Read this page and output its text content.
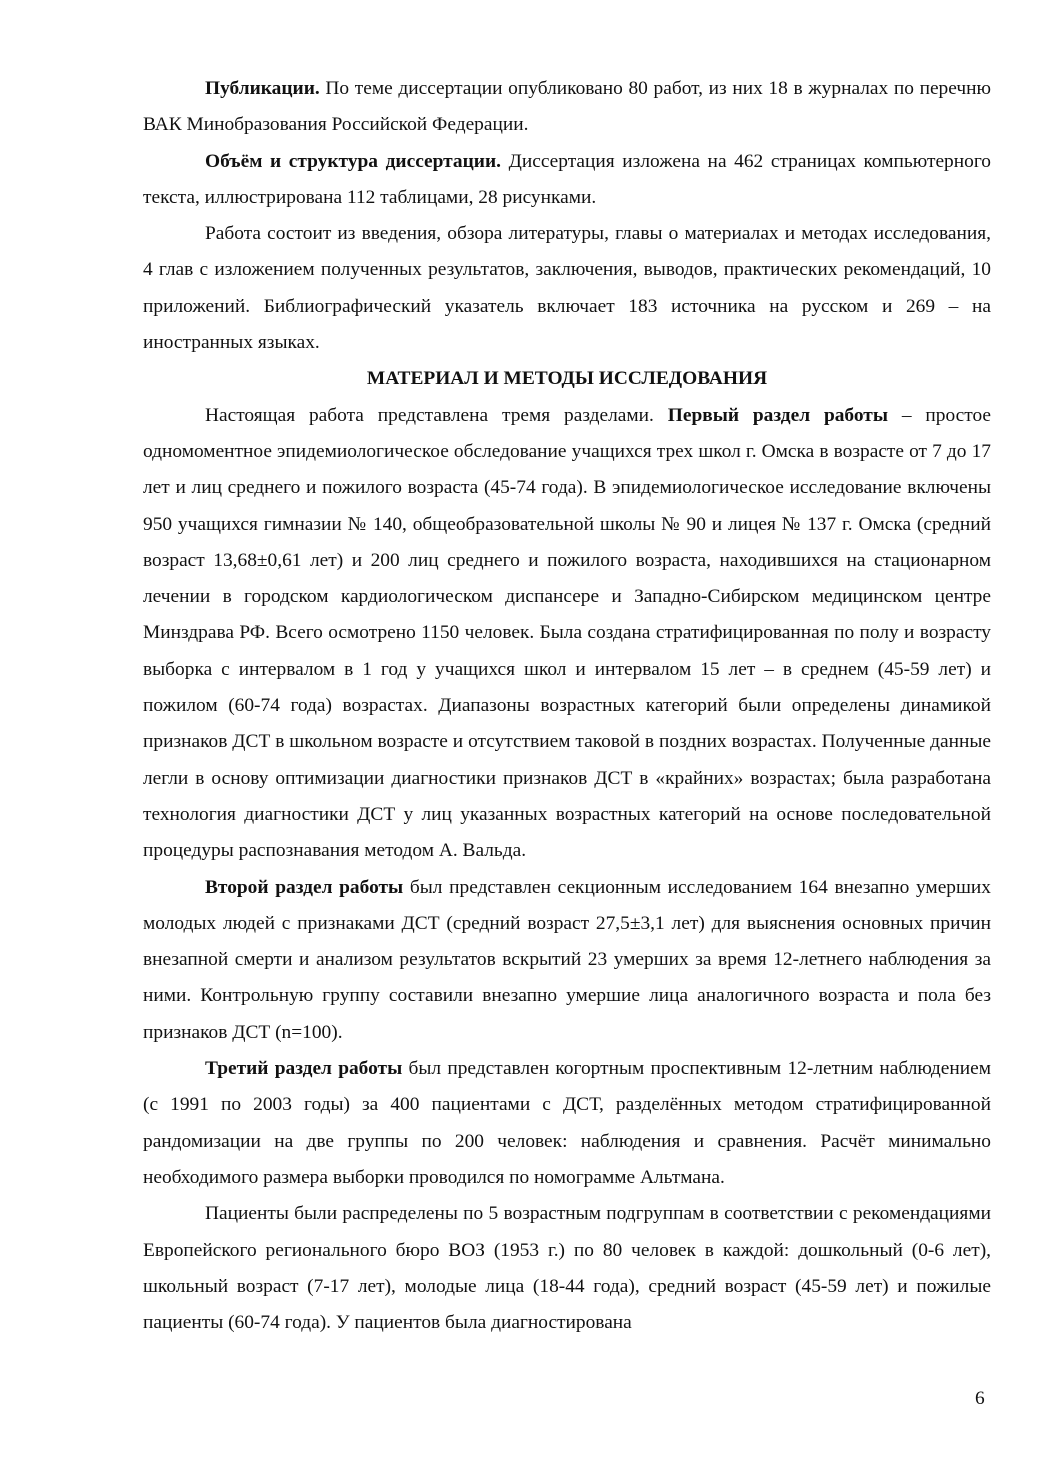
Публикации. По теме диссертации опубликовано 80 работ, из них 18 в журналах по перечню ВАК Минобразования Российской Федерации.

Объём и структура диссертации. Диссертация изложена на 462 страницах компьютерного текста, иллюстрирована 112 таблицами, 28 рисунками.

Работа состоит из введения, обзора литературы, главы о материалах и методах исследования, 4 глав с изложением полученных результатов, заключения, выводов, практических рекомендаций, 10 приложений. Библиографический указатель включает 183 источника на русском и 269 – на иностранных языках.

МАТЕРИАЛ И МЕТОДЫ ИССЛЕДОВАНИЯ

Настоящая работа представлена тремя разделами. Первый раздел работы – простое одномоментное эпидемиологическое обследование учащихся трех школ г. Омска в возрасте от 7 до 17 лет и лиц среднего и пожилого возраста (45-74 года). В эпидемиологическое исследование включены 950 учащихся гимназии № 140, общеобразовательной школы № 90 и лицея № 137 г. Омска (средний возраст 13,68±0,61 лет) и 200 лиц среднего и пожилого возраста, находившихся на стационарном лечении в городском кардиологическом диспансере и Западно-Сибирском медицинском центре Минздрава РФ. Всего осмотрено 1150 человек. Была создана стратифицированная по полу и возрасту выборка с интервалом в 1 год у учащихся школ и интервалом 15 лет – в среднем (45-59 лет) и пожилом (60-74 года) возрастах. Диапазоны возрастных категорий были определены динамикой признаков ДСТ в школьном возрасте и отсутствием таковой в поздних возрастах. Полученные данные легли в основу оптимизации диагностики признаков ДСТ в «крайних» возрастах; была разработана технология диагностики ДСТ у лиц указанных возрастных категорий на основе последовательной процедуры распознавания методом А. Вальда.

Второй раздел работы был представлен секционным исследованием 164 внезапно умерших молодых людей с признаками ДСТ (средний возраст 27,5±3,1 лет) для выяснения основных причин внезапной смерти и анализом результатов вскрытий 23 умерших за время 12-летнего наблюдения за ними. Контрольную группу составили внезапно умершие лица аналогичного возраста и пола без признаков ДСТ (n=100).

Третий раздел работы был представлен когортным проспективным 12-летним наблюдением (с 1991 по 2003 годы) за 400 пациентами с ДСТ, разделённых методом стратифицированной рандомизации на две группы по 200 человек: наблюдения и сравнения. Расчёт минимально необходимого размера выборки проводился по номограмме Альтмана.

Пациенты были распределены по 5 возрастным подгруппам в соответствии с рекомендациями Европейского регионального бюро ВОЗ (1953 г.) по 80 человек в каждой: дошкольный (0-6 лет), школьный возраст (7-17 лет), молодые лица (18-44 года), средний возраст (45-59 лет) и пожилые пациенты (60-74 года). У пациентов была диагностирована

6
